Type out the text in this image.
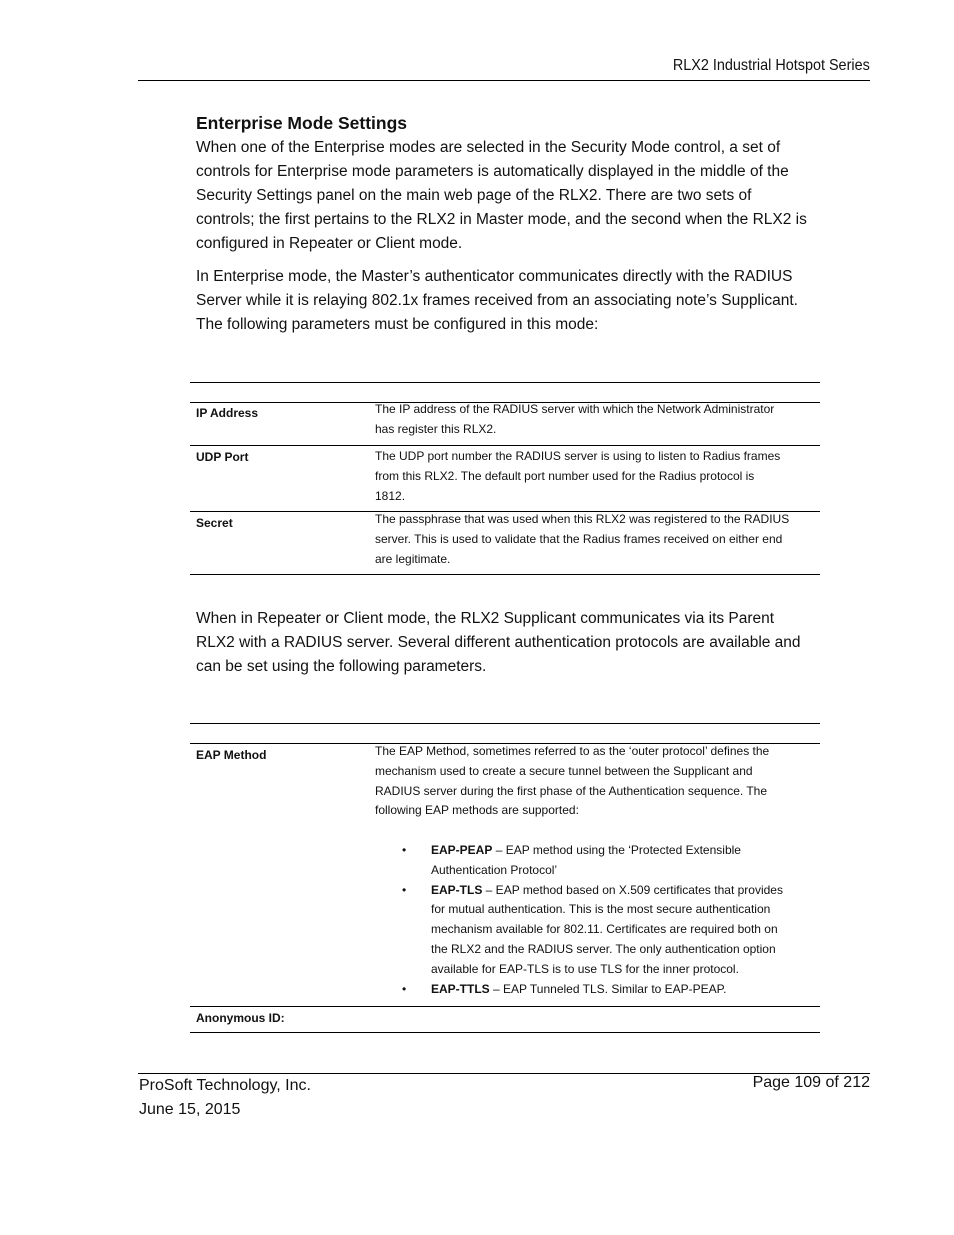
RLX2 Industrial Hotspot Series
Enterprise Mode Settings
When one of the Enterprise modes are selected in the Security Mode control, a set of
controls for Enterprise mode parameters is automatically displayed in the middle of the
Security Settings panel on the main web page of the RLX2. There are two sets of
controls; the first pertains to the RLX2 in Master mode, and the second when the RLX2 is
configured in Repeater or Client mode.
In Enterprise mode, the Master’s authenticator communicates directly with the RADIUS
Server while it is relaying 802.1x frames received from an associating note’s Supplicant.
The following parameters must be configured in this mode:
IP Address	The IP address of the RADIUS server with which the Network Administrator
has register this RLX2.
UDP Port	The UDP port number the RADIUS server is using to listen to Radius frames
from this RLX2. The default port number used for the Radius protocol is
1812.
Secret	The passphrase that was used when this RLX2 was registered to the RADIUS
server. This is used to validate that the Radius frames received on either end
are legitimate.
When in Repeater or Client mode, the RLX2 Supplicant communicates via its Parent
RLX2 with a RADIUS server. Several different authentication protocols are available and
can be set using the following parameters.
EAP Method	The EAP Method, sometimes referred to as the ‘outer protocol’ defines the
mechanism used to create a secure tunnel between the Supplicant and
RADIUS server during the first phase of the Authentication sequence. The
following EAP methods are supported:
• EAP-PEAP – EAP method using the ‘Protected Extensible
Authentication Protocol’
• EAP-TLS – EAP method based on X.509 certificates that provides
for mutual authentication. This is the most secure authentication
mechanism available for 802.11. Certificates are required both on
the RLX2 and the RADIUS server. The only authentication option
available for EAP-TLS is to use TLS for the inner protocol.
• EAP-TTLS – EAP Tunneled TLS. Similar to EAP-PEAP.
Anonymous ID:
ProSoft Technology, Inc.
June 15, 2015
Page 109 of 212
